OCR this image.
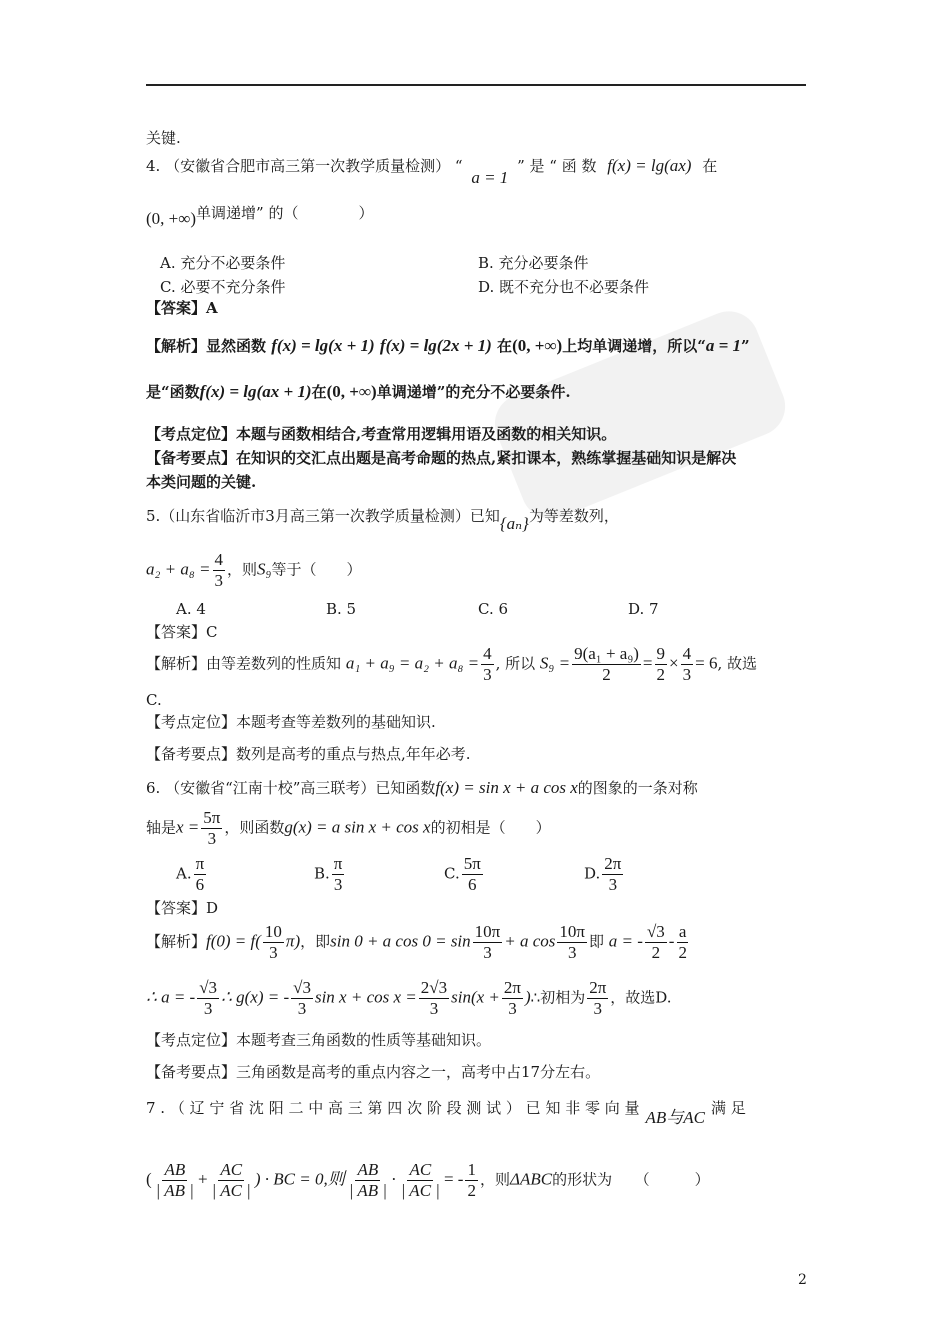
关键.
4. （安徽省合肥市高三第一次教学质量检测） “ a = 1 ” 是 “ 函 数 f(x) = lg(ax) 在
(0, +∞)单调递增” 的（　　　　）
A. 充分不必要条件	B. 充分必要条件
C. 必要不充分条件	D. 既不充分也不必要条件
【答案】A
【解析】显然函数 f(x) = lg(x + 1) f(x) = lg(2x + 1) 在(0, +∞)上均单调递增，所以“a = 1”
是“函数f(x) = lg(ax + 1)在(0, +∞)单调递增”的充分不必要条件.
【考点定位】本题与函数相结合,考查常用逻辑用语及函数的相关知识。
【备考要点】在知识的交汇点出题是高考命题的热点,紧扣课本，熟练掌握基础知识是解决
本类问题的关键.
5.（山东省临沂市3月高三第一次教学质量检测）已知{aₙ}为等差数列，
$a_2 + a_8 = \frac{4}{3}$ ，则S₉等于（　　）
A. 4	B. 5	C. 6	D. 7
【答案】C
【解析】由等差数列的性质知 $a_1 + a_9 = a_2 + a_8 = \frac{4}{3}$ , 所以 $S_9 = \frac{\text{9(a₁ + a₉)}}{2} = \frac{9}{2} \times \frac{4}{3} = 6$, 故选
C.
【考点定位】本题考查等差数列的基础知识.
【备考要点】数列是高考的重点与热点,年年必考.
6. （安徽省“江南十校”高三联考）已知函数f(x) = sin x + a cos x的图象的一条对称
轴是$x = \frac{5\pi}{3}$ ，则函数g(x) = a sin x + cos x的初相是（　　）
A. $\frac{\pi}{6}$	B. $\frac{\pi}{3}$	C. $\frac{5\pi}{6}$	D. $\frac{2\pi}{3}$
【答案】D
【解析】$f(0) = f( \frac{10}{3} \pi)$，即sin 0 + a $\cos 0 = \sin \frac{10\pi}{3} + a$ $\cos \frac{10\pi}{3}$ 即 a = - $\frac{√3}{2} - \frac{a}{2}$
∴ a = - $\frac{√3}{3}$ ∴ g(x) = - $\frac{√3}{3}$ $\sin x + \cos x = \frac{2√3}{3} \sin(x + \frac{2\pi}{3}$ )∴初相为 $\frac{2\pi}{3}$ ，故选D.
【考点定位】本题考查三角函数的性质等基础知识。
【备考要点】三角函数是高考的重点内容之一，高考中占17分左右。
7 . （ 辽 宁 省 沈 阳 二 中 高 三 第 四 次 阶 段 测 试 ） 已 知 非 零 向 量 AB与AC 满 足
( $\frac{AB}{| AB |} + \frac{AC}{| AC |}$ ) · BC = 0,则 $\frac{AB}{| AB |} \cdot \frac{AC}{| AC |}$ = - $\frac{1}{2}$ ，则ΔABC的形状为　　（　　　）
2
